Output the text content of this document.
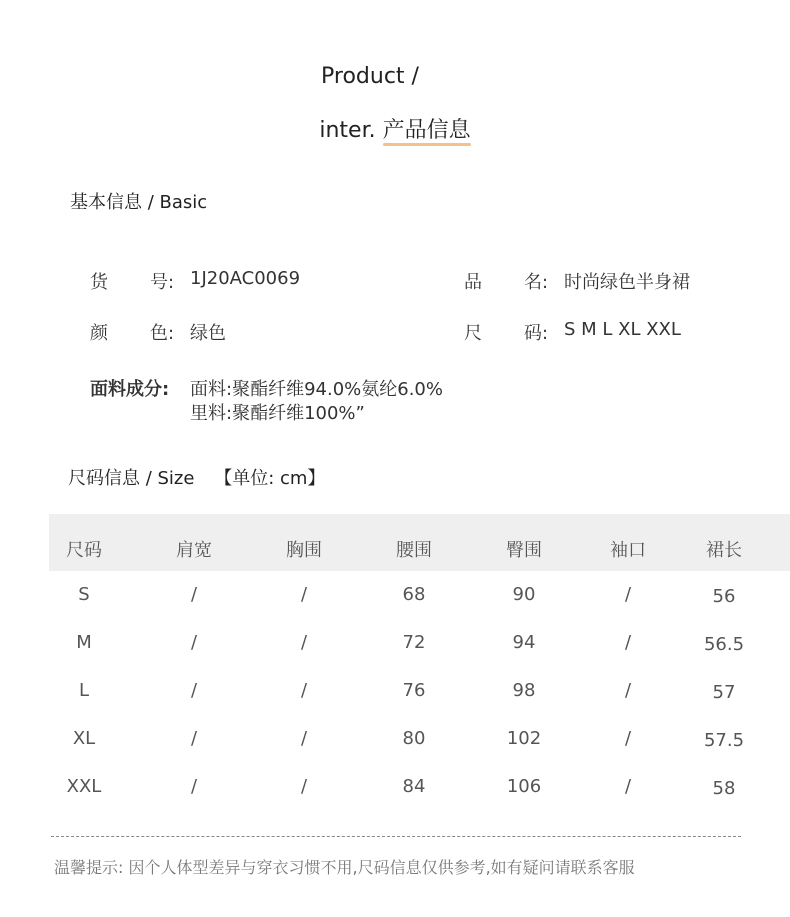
Product /
inter. 产品信息
基本信息 / Basic
货 号: 1J20AC0069	品 名: 时尚绿色半身裙
颜 色: 绿色	尺 码: S M L XL XXL
面料成分: 面料:聚酯纤维94.0%氨纶6.0%
里料:聚酯纤维100%”
尺码信息 / Size 【单位: cm】
尺码	肩宽	胸围	腰围	臀围	袖口	裙长
S	/	/	68	90	/	56
M	/	/	72	94	/	56.5
L	/	/	76	98	/	57
XL	/	/	80	102	/	57.5
XXL	/	/	84	106	/	58
温馨提示: 因个人体型差异与穿衣习惯不用,尺码信息仅供参考,如有疑问请联系客服
